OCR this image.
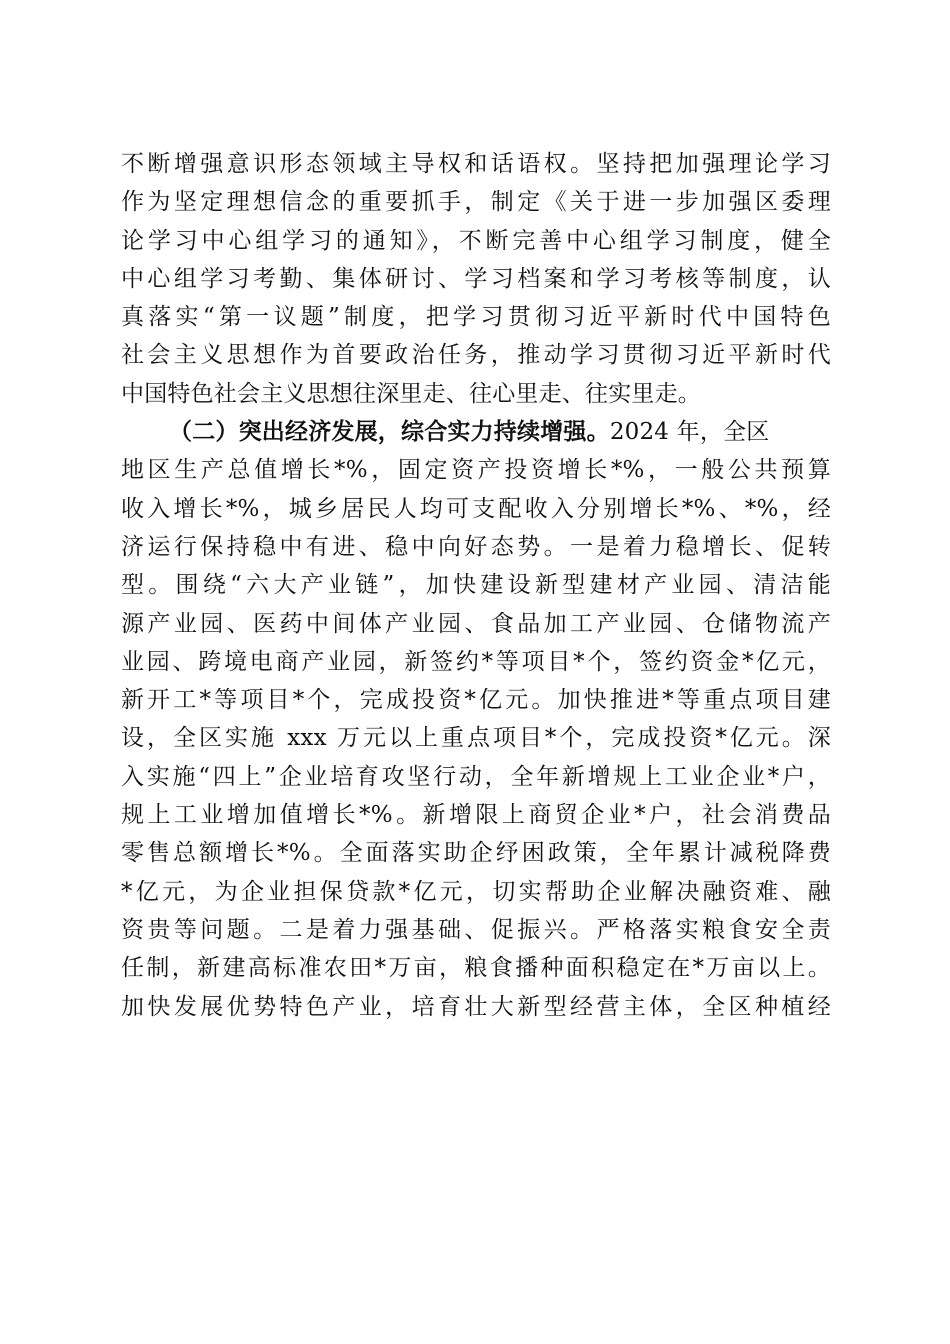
不断增强意识形态领域主导权和话语权。坚持把加强理论学习
作为坚定理想信念的重要抓手，制定《关于进一步加强区委理
论学习中心组学习的通知》，不断完善中心组学习制度，健全
中心组学习考勤、集体研讨、学习档案和学习考核等制度，认
真落实“第一议题”制度，把学习贯彻习近平新时代中国特色
社会主义思想作为首要政治任务，推动学习贯彻习近平新时代
中国特色社会主义思想往深里走、往心里走、往实里走。
（二）突出经济发展，综合实力持续增强。2024 年，全区
地区生产总值增长*%，固定资产投资增长*%，一般公共预算
收入增长*%，城乡居民人均可支配收入分别增长*%、*%，经
济运行保持稳中有进、稳中向好态势。一是着力稳增长、促转
型。围绕“六大产业链”，加快建设新型建材产业园、清洁能
源产业园、医药中间体产业园、食品加工产业园、仓储物流产
业园、跨境电商产业园，新签约*等项目*个，签约资金*亿元，
新开工*等项目*个，完成投资*亿元。加快推进*等重点项目建
设，全区实施 xxx 万元以上重点项目*个，完成投资*亿元。深
入实施“四上”企业培育攻坚行动，全年新增规上工业企业*户，
规上工业增加值增长*%。新增限上商贸企业*户，社会消费品
零售总额增长*%。全面落实助企纾困政策，全年累计减税降费
*亿元，为企业担保贷款*亿元，切实帮助企业解决融资难、融
资贵等问题。二是着力强基础、促振兴。严格落实粮食安全责
任制，新建高标准农田*万亩，粮食播种面积稳定在*万亩以上。
加快发展优势特色产业，培育壮大新型经营主体，全区种植经
